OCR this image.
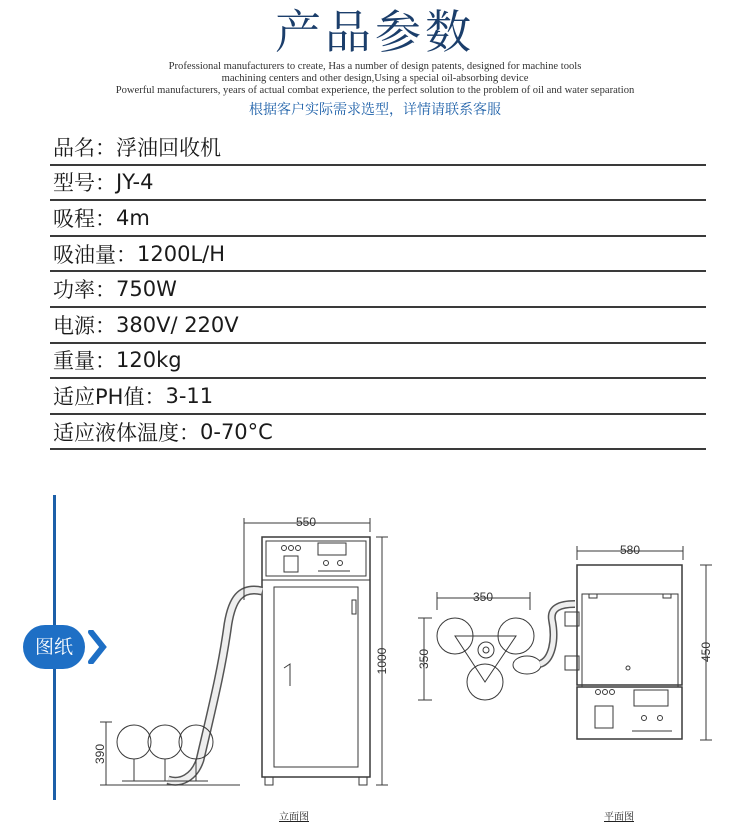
产品参数
Professional manufacturers to create, Has a number of design patents, designed for machine tools
machining centers and other design,Using a special oil-absorbing device
Powerful manufacturers, years of actual combat experience, the perfect solution to the problem of oil and water separation
根据客户实际需求选型，详情请联系客服
品名： 浮油回收机
型号： JY-4
吸程： 4m
吸油量： 1200L/H
功率： 750W
电源： 380V/ 220V
重量： 120kg
适应PH值： 3-11
适应液体温度： 0-70°C
图纸
550
1000
390
350
350
580
450
立面图	平面图
